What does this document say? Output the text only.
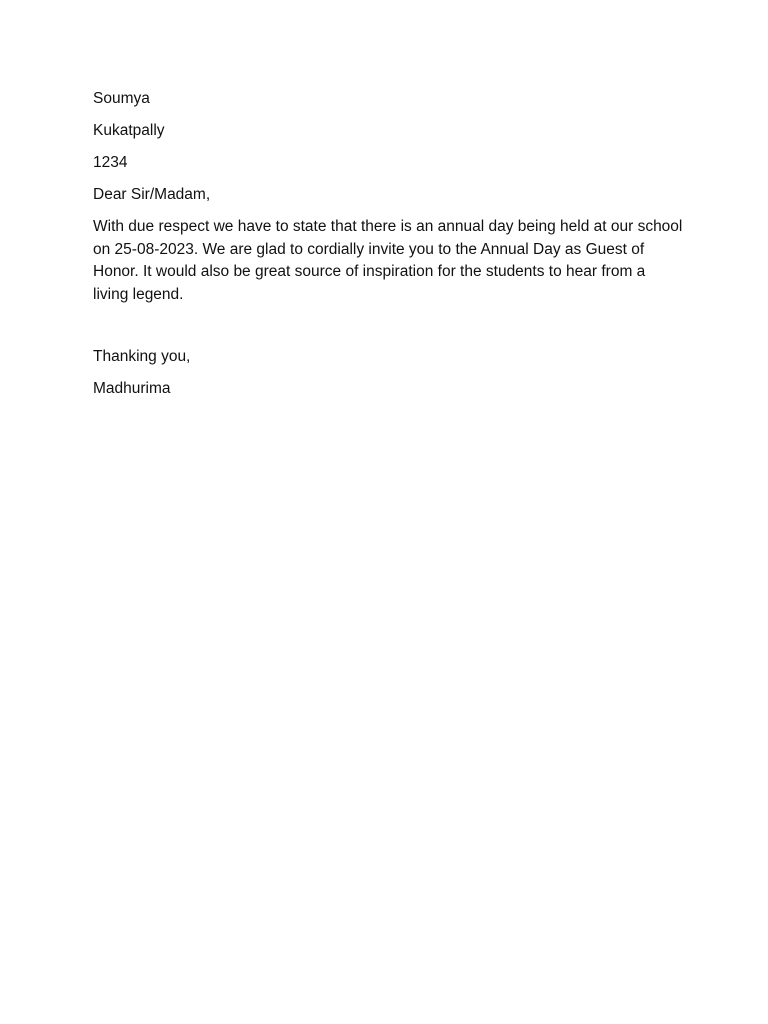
Soumya

Kukatpally

1234

Dear Sir/Madam,

With due respect we have to state that there is an annual day being held at our school on 25-08-2023. We are glad to cordially invite you to the Annual Day as Guest of Honor. It would also be great source of inspiration for the students to hear from a living legend.

Thanking you,

Madhurima
